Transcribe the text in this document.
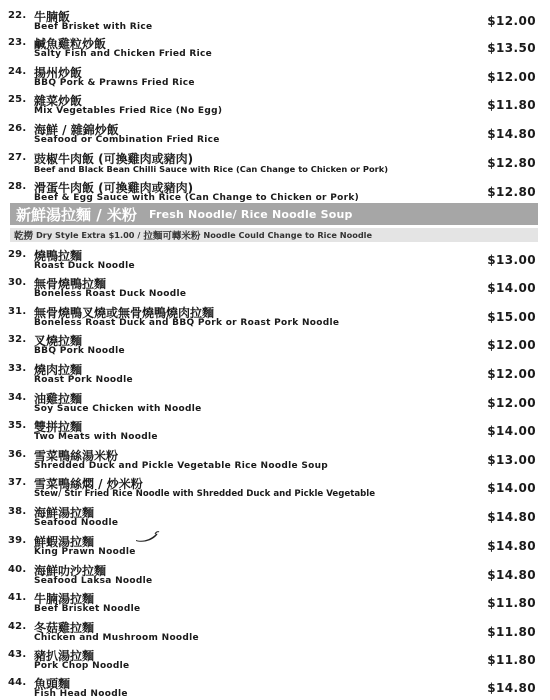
22. 牛腩飯
Beef Brisket with Rice	$12.00
23. 鹹魚雞粒炒飯
Salty Fish and Chicken Fried Rice	$13.50
24. 揚州炒飯
BBQ Pork & Prawns Fried Rice	$12.00
25. 雜菜炒飯
Mix Vegetables Fried Rice (No Egg)	$11.80
26. 海鮮 / 雜錦炒飯
Seafood or Combination Fried Rice	$14.80
27. 豉椒牛肉飯 (可換雞肉或豬肉)
Beef and Black Bean Chilli Sauce with Rice (Can Change to Chicken or Pork)	$12.80
28. 滑蛋牛肉飯 (可換雞肉或豬肉)
Beef & Egg Sauce with Rice (Can Change to Chicken or Pork)	$12.80
新鮮湯拉麵 / 米粉 Fresh Noodle/ Rice Noodle Soup
乾撈 Dry Style Extra $1.00 / 拉麵可轉米粉 Noodle Could Change to Rice Noodle
29. 燒鴨拉麵
Roast Duck Noodle	$13.00
30. 無骨燒鴨拉麵
Boneless Roast Duck Noodle	$14.00
31. 無骨燒鴨叉燒或無骨燒鴨燒肉拉麵
Boneless Roast Duck and BBQ Pork or Roast Pork Noodle	$15.00
32. 叉燒拉麵
BBQ Pork Noodle	$12.00
33. 燒肉拉麵
Roast Pork Noodle	$12.00
34. 油雞拉麵
Soy Sauce Chicken with Noodle	$12.00
35. 雙拼拉麵
Two Meats with Noodle	$14.00
36. 雪菜鴨絲湯米粉
Shredded Duck and Pickle Vegetable Rice Noodle Soup	$13.00
37. 雪菜鴨絲燜 / 炒米粉
Stew/ Stir Fried Rice Noodle with Shredded Duck and Pickle Vegetable	$14.00
38. 海鮮湯拉麵
Seafood Noodle	$14.80
39. 鮮蝦湯拉麵
King Prawn Noodle	$14.80
40. 海鮮叻沙拉麵
Seafood Laksa Noodle	$14.80
41. 牛腩湯拉麵
Beef Brisket Noodle	$11.80
42. 冬菇雞拉麵
Chicken and Mushroom Noodle	$11.80
43. 豬扒湯拉麵
Pork Chop Noodle	$11.80
44. 魚頭麵
Fish Head Noodle	$14.80
